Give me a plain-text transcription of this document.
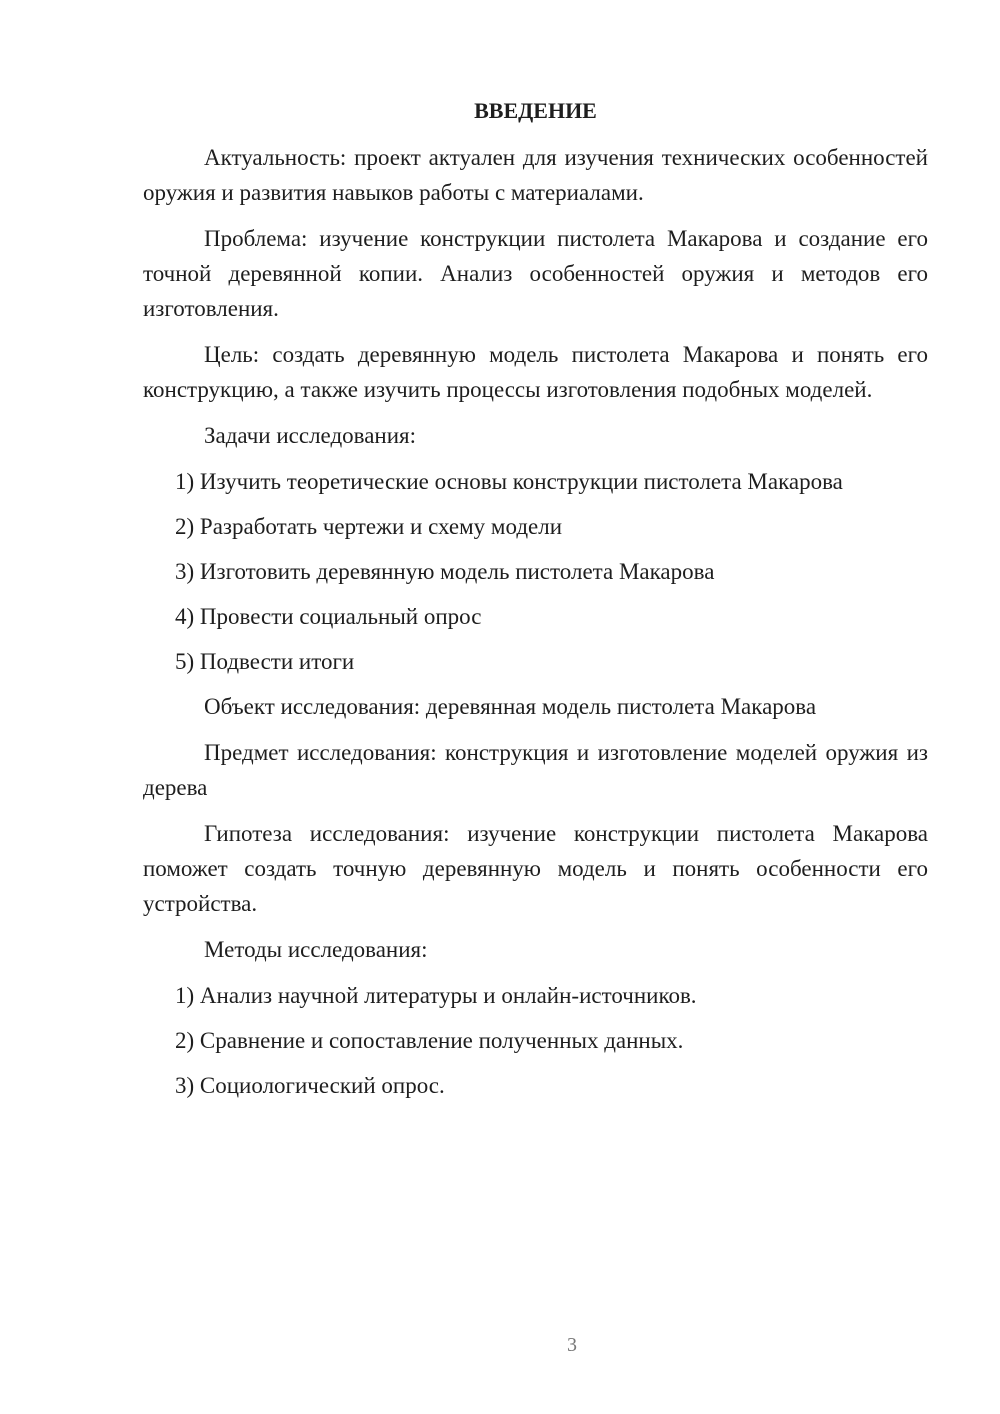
ВВЕДЕНИЕ

Актуальность: проект актуален для изучения технических особенностей оружия и развития навыков работы с материалами.

Проблема: изучение конструкции пистолета Макарова и создание его точной деревянной копии. Анализ особенностей оружия и методов его изготовления.

Цель: создать деревянную модель пистолета Макарова и понять его конструкцию, а также изучить процессы изготовления подобных моделей.

Задачи исследования:

1) Изучить теоретические основы конструкции пистолета Макарова

2) Разработать чертежи и схему модели

3) Изготовить деревянную модель пистолета Макарова

4) Провести социальный опрос

5) Подвести итоги

Объект исследования: деревянная модель пистолета Макарова

Предмет исследования: конструкция и изготовление моделей оружия из дерева

Гипотеза исследования: изучение конструкции пистолета Макарова поможет создать точную деревянную модель и понять особенности его устройства.

Методы исследования:

1) Анализ научной литературы и онлайн-источников.

2) Сравнение и сопоставление полученных данных.

3) Социологический опрос.

3
